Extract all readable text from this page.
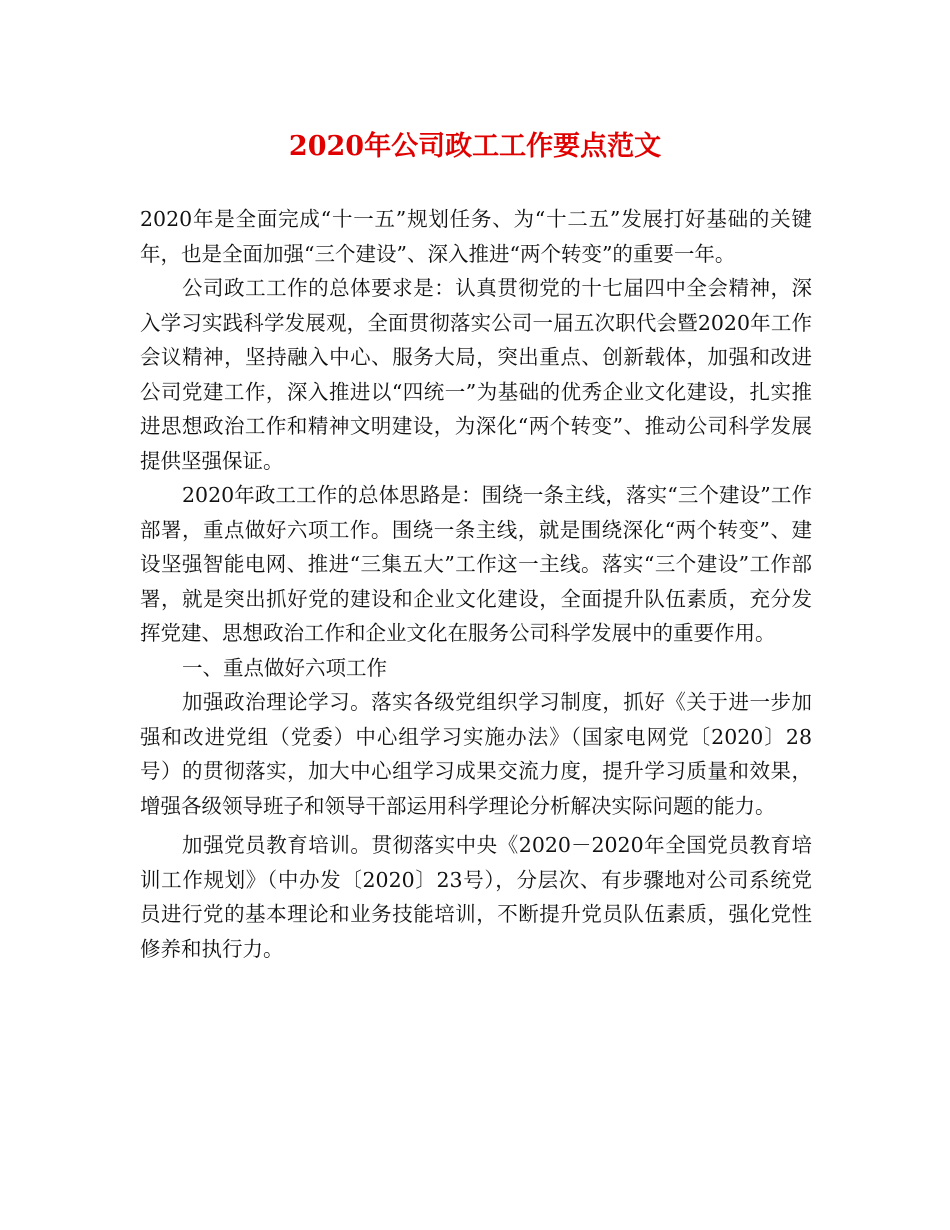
2020年公司政工工作要点范文

2020年是全面完成“十一五”规划任务、为“十二五”发展打好基础的关键年，也是全面加强“三个建设”、深入推进“两个转变”的重要一年。

公司政工工作的总体要求是：认真贯彻党的十七届四中全会精神，深入学习实践科学发展观，全面贯彻落实公司一届五次职代会暨2020年工作会议精神，坚持融入中心、服务大局，突出重点、创新载体，加强和改进公司党建工作，深入推进以“四统一”为基础的优秀企业文化建设，扎实推进思想政治工作和精神文明建设，为深化“两个转变”、推动公司科学发展提供坚强保证。

2020年政工工作的总体思路是：围绕一条主线，落实“三个建设”工作部署，重点做好六项工作。围绕一条主线，就是围绕深化“两个转变”、建设坚强智能电网、推进“三集五大”工作这一主线。落实“三个建设”工作部署，就是突出抓好党的建设和企业文化建设，全面提升队伍素质，充分发挥党建、思想政治工作和企业文化在服务公司科学发展中的重要作用。

一、重点做好六项工作

加强政治理论学习。落实各级党组织学习制度，抓好《关于进一步加强和改进党组（党委）中心组学习实施办法》（国家电网党〔2020〕28号）的贯彻落实，加大中心组学习成果交流力度，提升学习质量和效果，增强各级领导班子和领导干部运用科学理论分析解决实际问题的能力。

加强党员教育培训。贯彻落实中央《2020－2020年全国党员教育培训工作规划》（中办发〔2020〕23号），分层次、有步骤地对公司系统党员进行党的基本理论和业务技能培训，不断提升党员队伍素质，强化党性修养和执行力。
